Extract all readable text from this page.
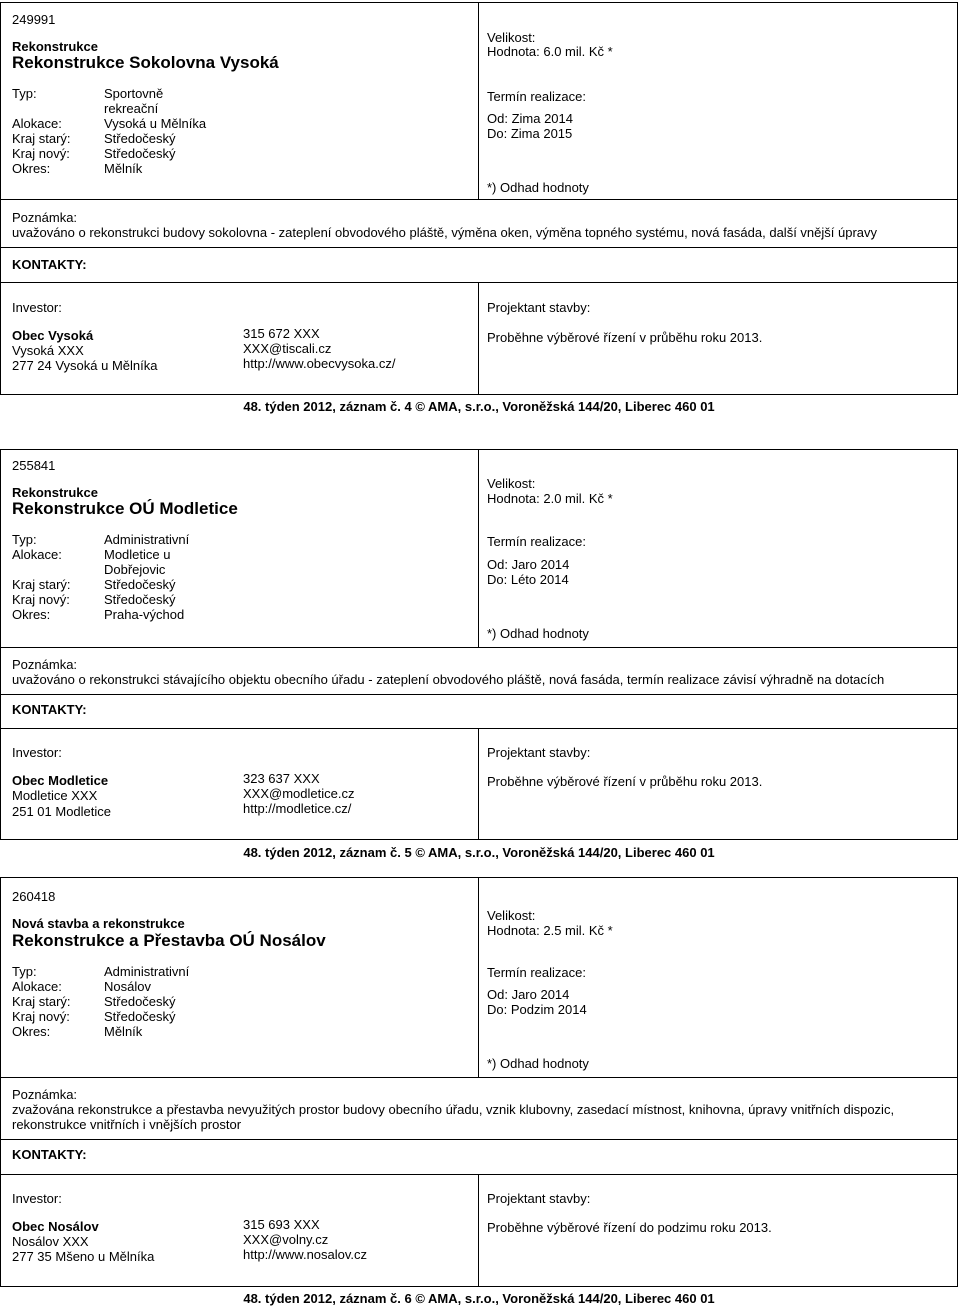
249991
Rekonstrukce
Rekonstrukce Sokolovna Vysoká
Typ:	Sportovně
rekreační
Alokace:	Vysoká u Mělníka
Kraj starý:	Středočeský
Kraj nový:	Středočeský
Okres:	Mělník
Velikost:
Hodnota: 6.0 mil. Kč *
Termín realizace:
Od: Zima 2014
Do: Zima 2015
*) Odhad hodnoty
Poznámka:
uvažováno o rekonstrukci budovy sokolovna - zateplení obvodového pláště, výměna oken, výměna topného systému, nová fasáda, další vnější úpravy
KONTAKTY:
Investor:
Obec Vysoká
Vysoká XXX
277 24 Vysoká u Mělníka
315 672 XXX
XXX@tiscali.cz
http://www.obecvysoka.cz/
Projektant stavby:
Proběhne výběrové řízení v průběhu roku 2013.
48. týden 2012, záznam č. 4 © AMA, s.r.o., Voroněžská 144/20, Liberec 460 01
255841
Rekonstrukce
Rekonstrukce OÚ Modletice
Typ:	Administrativní
Alokace:	Modletice u
Dobřejovic
Kraj starý:	Středočeský
Kraj nový:	Středočeský
Okres:	Praha-východ
Velikost:
Hodnota: 2.0 mil. Kč *
Termín realizace:
Od: Jaro 2014
Do: Léto 2014
*) Odhad hodnoty
Poznámka:
uvažováno o rekonstrukci stávajícího objektu obecního úřadu - zateplení obvodového pláště, nová fasáda, termín realizace závisí výhradně na dotacích
KONTAKTY:
Investor:
Obec Modletice
Modletice XXX
251 01 Modletice
323 637 XXX
XXX@modletice.cz
http://modletice.cz/
Projektant stavby:
Proběhne výběrové řízení v průběhu roku 2013.
48. týden 2012, záznam č. 5 © AMA, s.r.o., Voroněžská 144/20, Liberec 460 01
260418
Nová stavba a rekonstrukce
Rekonstrukce a Přestavba OÚ Nosálov
Typ:	Administrativní
Alokace:	Nosálov
Kraj starý:	Středočeský
Kraj nový:	Středočeský
Okres:	Mělník
Velikost:
Hodnota: 2.5 mil. Kč *
Termín realizace:
Od: Jaro 2014
Do: Podzim 2014
*) Odhad hodnoty
Poznámka:
zvažována rekonstrukce a přestavba nevyužitých prostor budovy obecního úřadu, vznik klubovny, zasedací místnost, knihovna, úpravy vnitřních dispozic, rekonstrukce vnitřních i vnějších prostor
KONTAKTY:
Investor:
Obec Nosálov
Nosálov XXX
277 35 Mšeno u Mělníka
315 693 XXX
XXX@volny.cz
http://www.nosalov.cz
Projektant stavby:
Proběhne výběrové řízení do podzimu roku 2013.
48. týden 2012, záznam č. 6 © AMA, s.r.o., Voroněžská 144/20, Liberec 460 01
